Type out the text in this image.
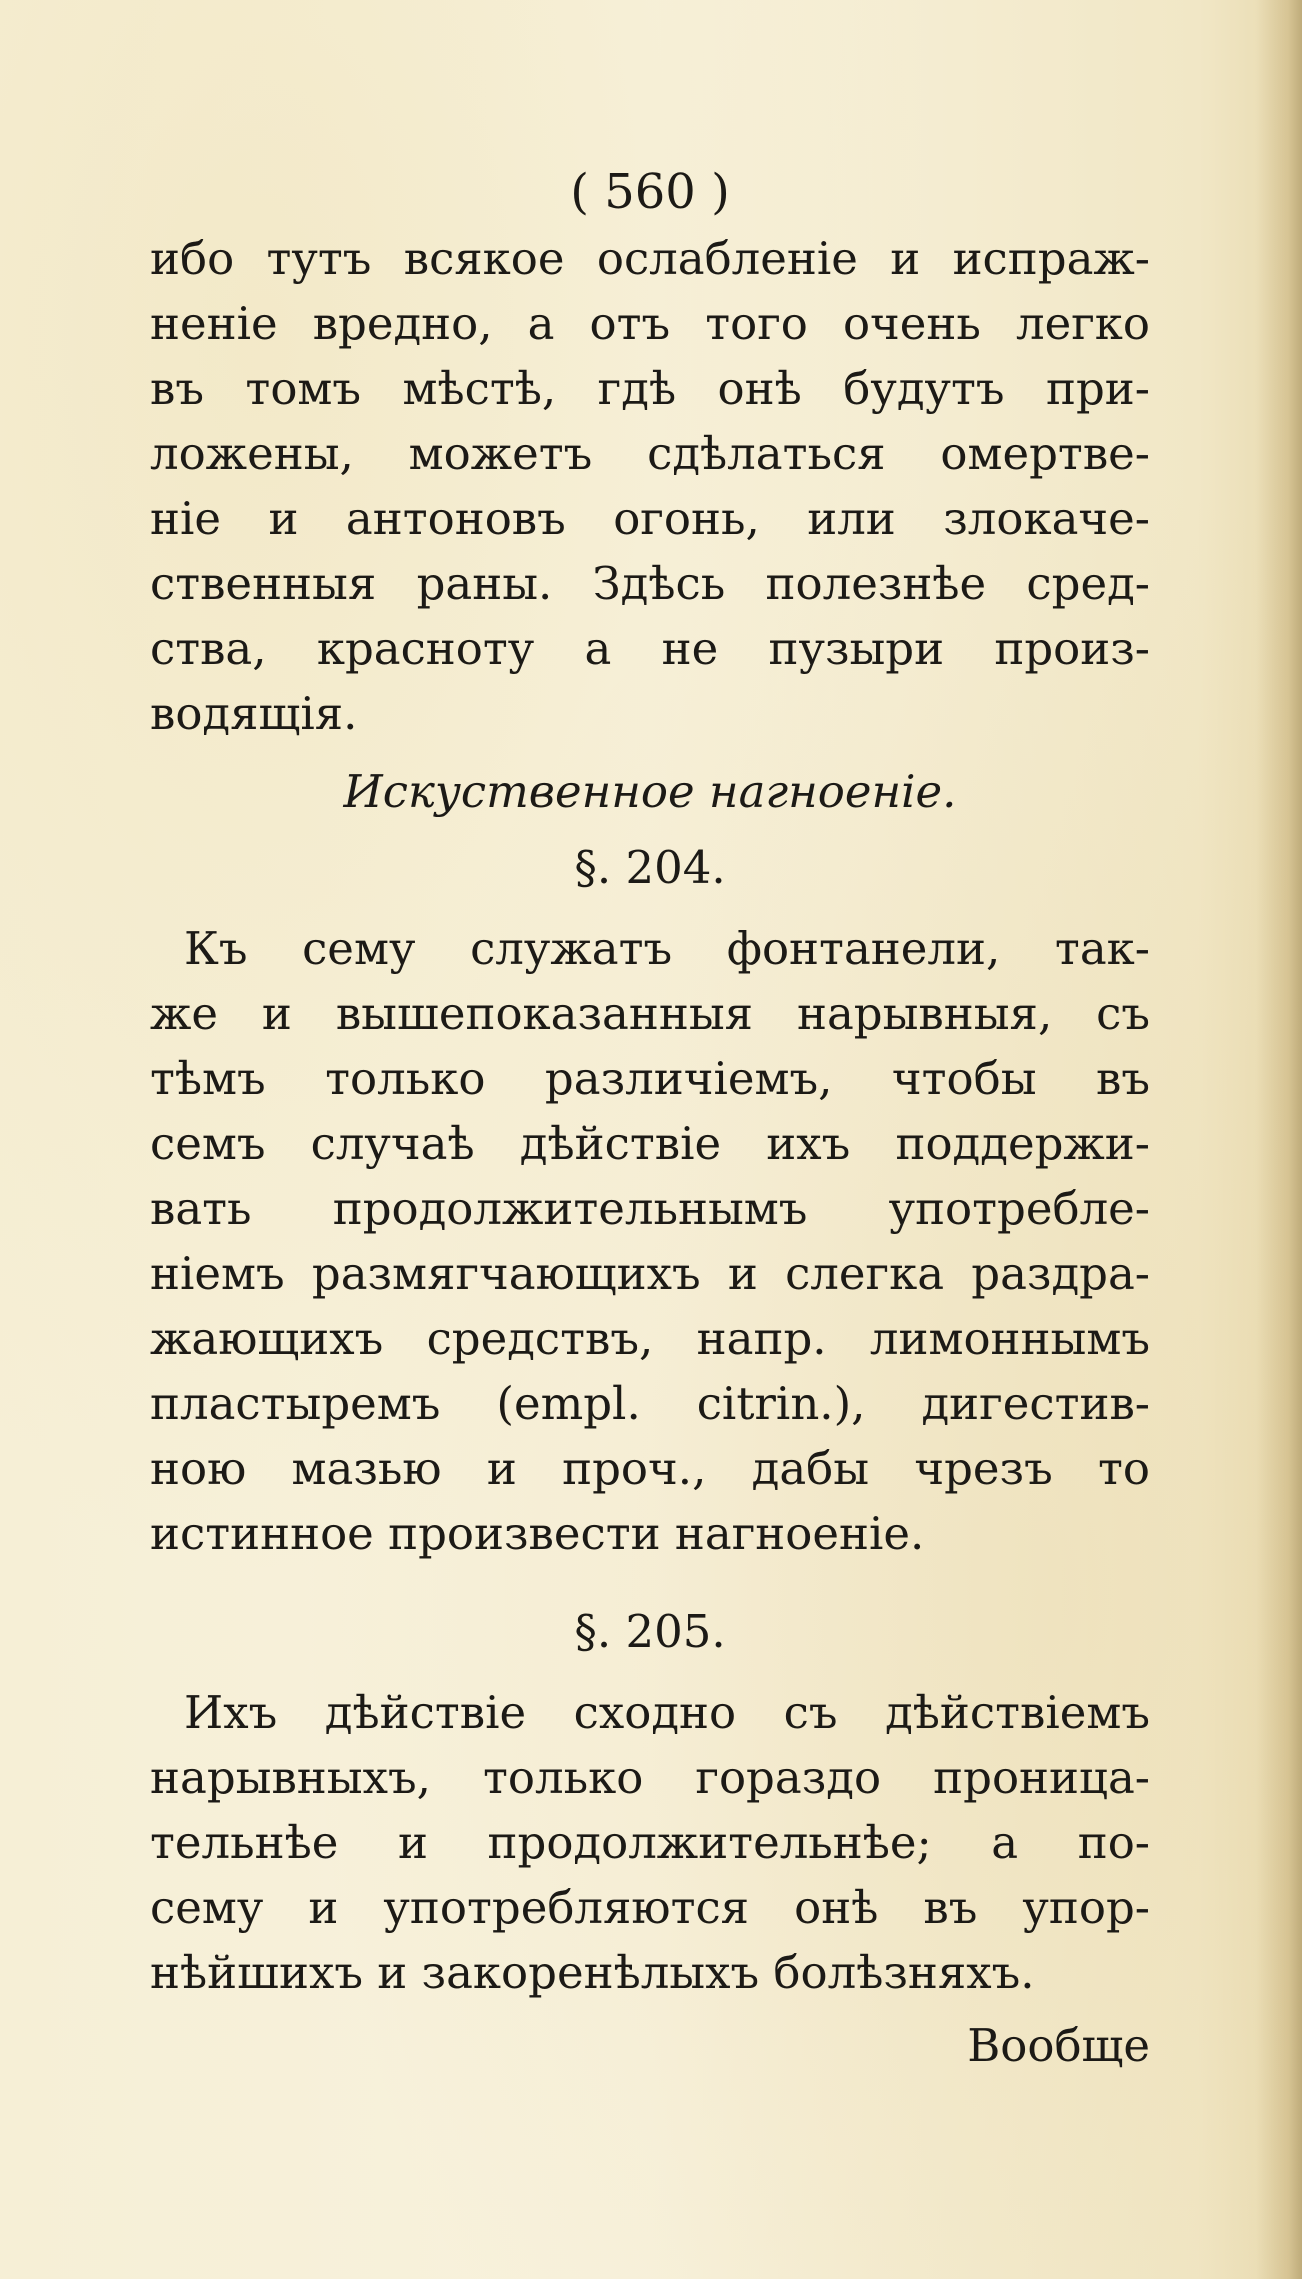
( 560 )
ибо тутъ всякое ослабленiе и испраж-
ненiе вредно, а отъ того очень легко
въ томъ мѣстѣ, гдѣ онѣ будутъ при-
ложены, можетъ сдѣлаться омертве-
нiе и антоновъ огонь, или злокаче-
ственныя раны. Здѣсь полезнѣе сред-
ства, краснoту а не пузыри произ-
водящiя.
Искуственное нагноенiе.
§. 204.
Къ сему служатъ фонтанели, так-
же и вышепоказанныя нарывныя, съ
тѣмъ только различiемъ, чтобы въ
семъ случаѣ дѣйствiе ихъ поддержи-
вать продолжительнымъ употребле-
нiемъ размягчающихъ и слегка раздра-
жающихъ средствъ, напр. лимоннымъ
пластыремъ (empl. citrin.), дигестив-
ною мазью и проч., дабы чрезъ то
истинное произвести нагноенiе.
§. 205.
Ихъ дѣйствiе сходно съ дѣйствiемъ
нарывныхъ, только гораздо проница-
тельнѣе и продолжительнѣе; а по-
сему и употребляются онѣ въ упор-
нѣйшихъ и закоренѣлыхъ болѣзняхъ.
Вообще
